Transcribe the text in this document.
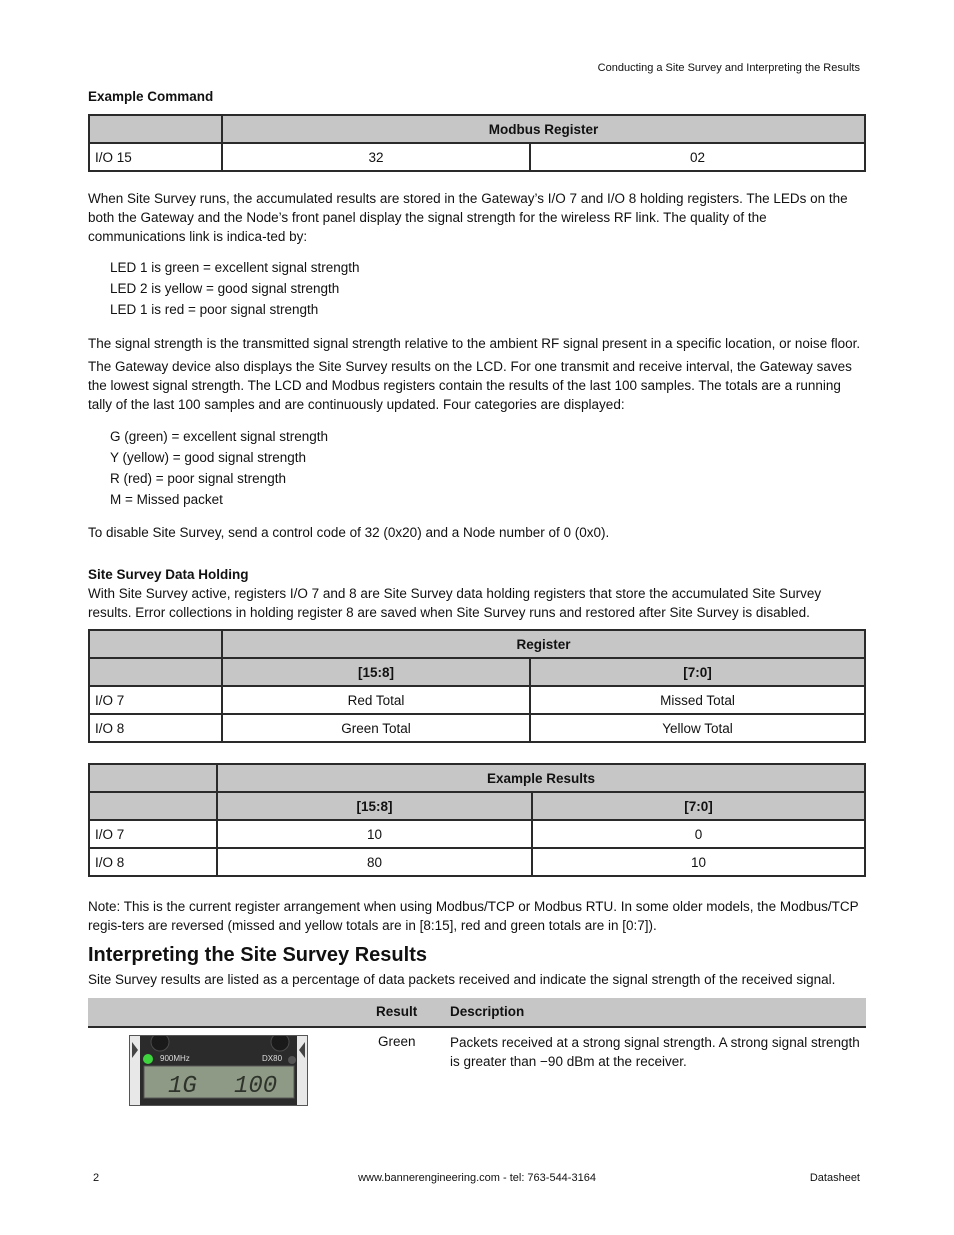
Conducting a Site Survey and Interpreting the Results
Example Command
	Modbus Register	
I/O 15	32	02

When Site Survey runs, the accumulated results are stored in the Gateway’s I/O 7 and I/O 8 holding registers. The LEDs on the both the Gateway and the Node’s front panel display the signal strength for the wireless RF link. The quality of the communications link is indica-ted by:

LED 1 is green = excellent signal strength
LED 2 is yellow = good signal strength
LED 1 is red = poor signal strength

The signal strength is the transmitted signal strength relative to the ambient RF signal present in a specific location, or noise floor.

The Gateway device also displays the Site Survey results on the LCD. For one transmit and receive interval, the Gateway saves the lowest signal strength. The LCD and Modbus registers contain the results of the last 100 samples. The totals are a running tally of the last 100 samples and are continuously updated. Four categories are displayed:

G (green) = excellent signal strength
Y (yellow) = good signal strength
R (red) = poor signal strength
M = Missed packet

To disable Site Survey, send a control code of 32 (0x20) and a Node number of 0 (0x0).

Site Survey Data Holding

With Site Survey active, registers I/O 7 and 8 are Site Survey data holding registers that store the accumulated Site Survey results. Error collections in holding register 8 are saved when Site Survey runs and restored after Site Survey is disabled.

	Register	
	[15:8]	[7:0]
I/O 7	Red Total	Missed Total
I/O 8	Green Total	Yellow Total
	Example Results	
	[15:8]	[7:0]
I/O 7	10	0
I/O 8	80	10

Note: This is the current register arrangement when using Modbus/TCP or Modbus RTU. In some older models, the Modbus/TCP regis-ters are reversed (missed and yellow totals are in [8:15], red and green totals are in [0:7]).

Interpreting the Site Survey Results

Site Survey results are listed as a percentage of data packets received and indicate the signal strength of the received signal.

Result Description
900MHz	DX80
1G 100
Green	Packets received at a strong signal strength. A strong signal strength is greater than −90 dBm at the receiver.

2	www.bannerengineering.com - tel: 763-544-3164	Datasheet
